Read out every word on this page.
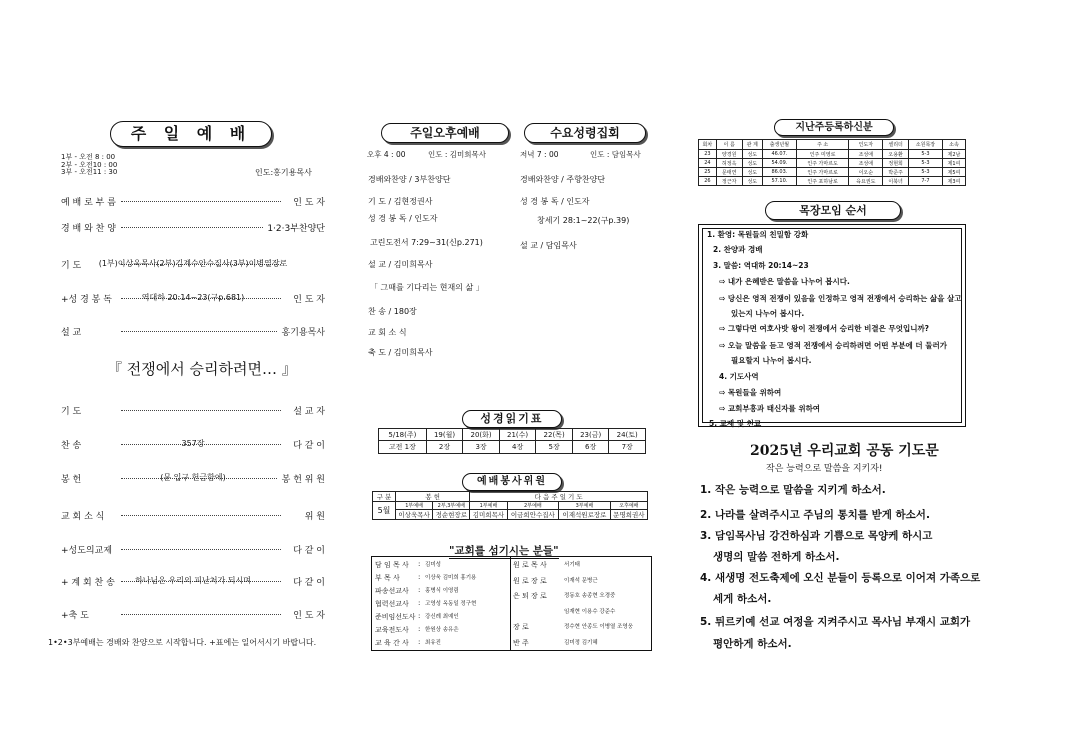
주 일 예 배
1부 - 오전 8 : 00
2부 - 오전10 : 00
3부 - 오전11 : 30	인도:홍기용목사
예 배 로 부 름	인 도 자
경 배 와 찬 양	1·2·3부찬양단
기 도	(1부)이상욱목사(2부)김계수안수집사(3부)이병열장로
+성 경 봉 독	역대하 20:14~23(구p.681)	인 도 자
설 교	홍기용목사
『 전쟁에서 승리하려면… 』
기 도	설 교 자
찬 송	357장	다 같 이
봉 헌	(문 입구 헌금함에)	봉 헌 위 원
교 회 소 식	위 원
+성도의교제	다 같 이
+ 계 회 찬 송	하나님은 우리의 피난처가 되시며	다 같 이
+축 도	인 도 자
1•2•3부예배는 경배와 찬양으로 시작합니다. +표에는 일어서시기 바랍니다.
주일오후예배
오후 4 : 00	인도 : 김미희목사
경배와찬양 / 3부찬양단
기 도 / 김현정권사
성 경 봉 독 / 인도자
고린도전서 7:29~31(신p.271)
설 교 / 김미희목사
「 그때를 기다리는 현재의 삶 」
찬 송 / 180장
교 회 소 식
축 도 / 김미희목사
수요성령집회
저녁 7 : 00	인도 : 담임목사
경배와찬양 / 주향찬양단
성 경 봉 독 / 인도자
창세기 28:1~22(구p.39)
설 교 / 담임목사
성경읽기표
5/18(주)	19(월)	20(화)	21(수)	22(목)	23(금)	24(토)
고전 1장	2장	3장	4장	5장	6장	7장
예배봉사위원
구 분	봉 헌		다 음 주 일 기 도			
5월	1부예배	2부,3부예배	1부예배	2부예배	3부예배	오후예배
	이상욱목사	정순현장로	김미희목사	이금희안수집사	이재석원로장로	문명희권사
"교회를 섬기시는 분들"
담 임 목 사	김미성
:
부 목 사	이상욱 김미희 홍기용
:
파송선교사	홍병식 이영림
:
협력선교사	고영성 옥동일 정구현
:
준비임선도사 강신례 최예인
:
교육전도사	한원상 송유은
:
교 육 간 사	최유진
:
원 로 목 사	서기태
원 로 장 로	이재석 문병근
은 퇴 장 로	정동호 송종현 오경중
임재현 이용수 강준수
장 로	정수현 안종도 이병열 조영웅
반 주	김미정 김기혜
지난주등록하신분
회차	이 름	관 계	출생년월	주 소	인도자	셀리더	소원목장	소속
23	양경원	성도	46.07.	인주 미영로	조성애	오용환	5-3	제2남
24	허정옥	성도	54.09.	인주 가마르도	조성애	정현희	5-3	제1여
25	문태연	성도	86.03.	인주 가마르로	이오순	박준주	5-3	제5여
26	정근자	성도	57.10.	인주 포하남로	육요권도	이북녀	7-7	제3여
목장모임 순서
1. 환영: 목원들의 친밀함 강화
2. 찬양과 경배
3. 말씀: 역대하 20:14~23
⇨ 내가 은혜받은 말씀을 나누어 봅시다.
⇨ 당신은 영적 전쟁이 있음을 인정하고 영적 전쟁에서 승리하는 삶을 살고
있는지 나누어 봅시다.
⇨ 그렇다면 여호사밧 왕이 전쟁에서 승리한 비결은 무엇입니까?
⇨ 오늘 말씀을 듣고 영적 전쟁에서 승리하려면 어떤 부분에 더 둘러가
필요할지 나누어 봅시다.
4. 기도사역
⇨ 목원들을 위하여
⇨ 교회부흥과 태신자를 위하여
5. 교제 및 친교
2025년 우리교회 공동 기도문
작은 능력으로 말씀을 지키자!
1. 작은 능력으로 말씀을 지키게 하소서.
2. 나라를 살려주시고 주님의 통치를 받게 하소서.
3. 담임목사님 강건하심과 기쁨으로 목양케 하시고
생명의 말씀 전하게 하소서.
4. 새생명 전도축제에 오신 분들이 등록으로 이어져 가족으로
세게 하소서.
5. 튀르키예 선교 여정을 지켜주시고 목사님 부재시 교회가
평안하게 하소서.
